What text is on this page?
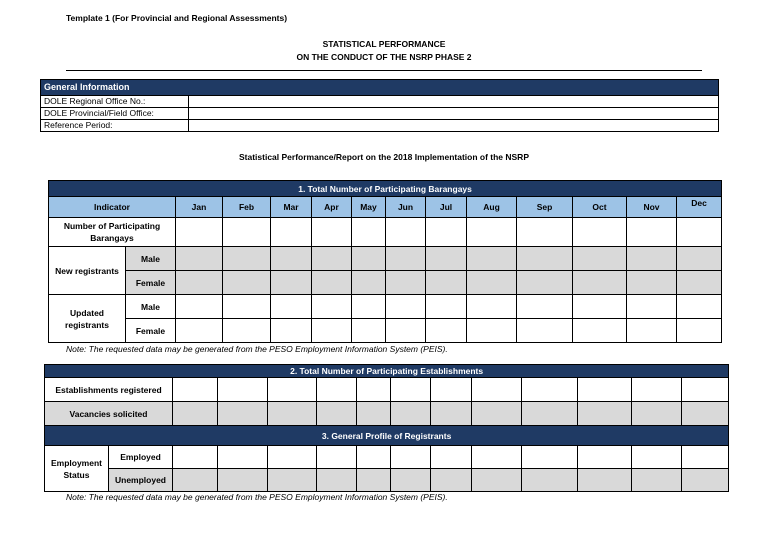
Template 1 (For Provincial and Regional Assessments)
STATISTICAL PERFORMANCE
ON THE CONDUCT OF THE NSRP PHASE 2
General Information	
DOLE Regional Office No.:	
DOLE Provincial/Field Office:	
Reference Period:	
Statistical Performance/Report on the 2018 Implementation of the NSRP
1. Total Number of Participating Barangays													
Indicator		Jan	Feb	Mar	Apr	May	Jun	Jul	Aug	Sep	Oct	Nov	Dec
Number of Participating Barangays													
New registrants	Male												
	Female												
Updated registrants	Male												
	Female												
Note: The requested data may be generated from the PESO Employment Information System (PEIS).
2. Total Number of Participating Establishments													
Establishments registered													
Vacancies solicited													
3. General Profile of Registrants													
Employment Status	Employed												
	Unemployed												
Note: The requested data may be generated from the PESO Employment Information System (PEIS).
